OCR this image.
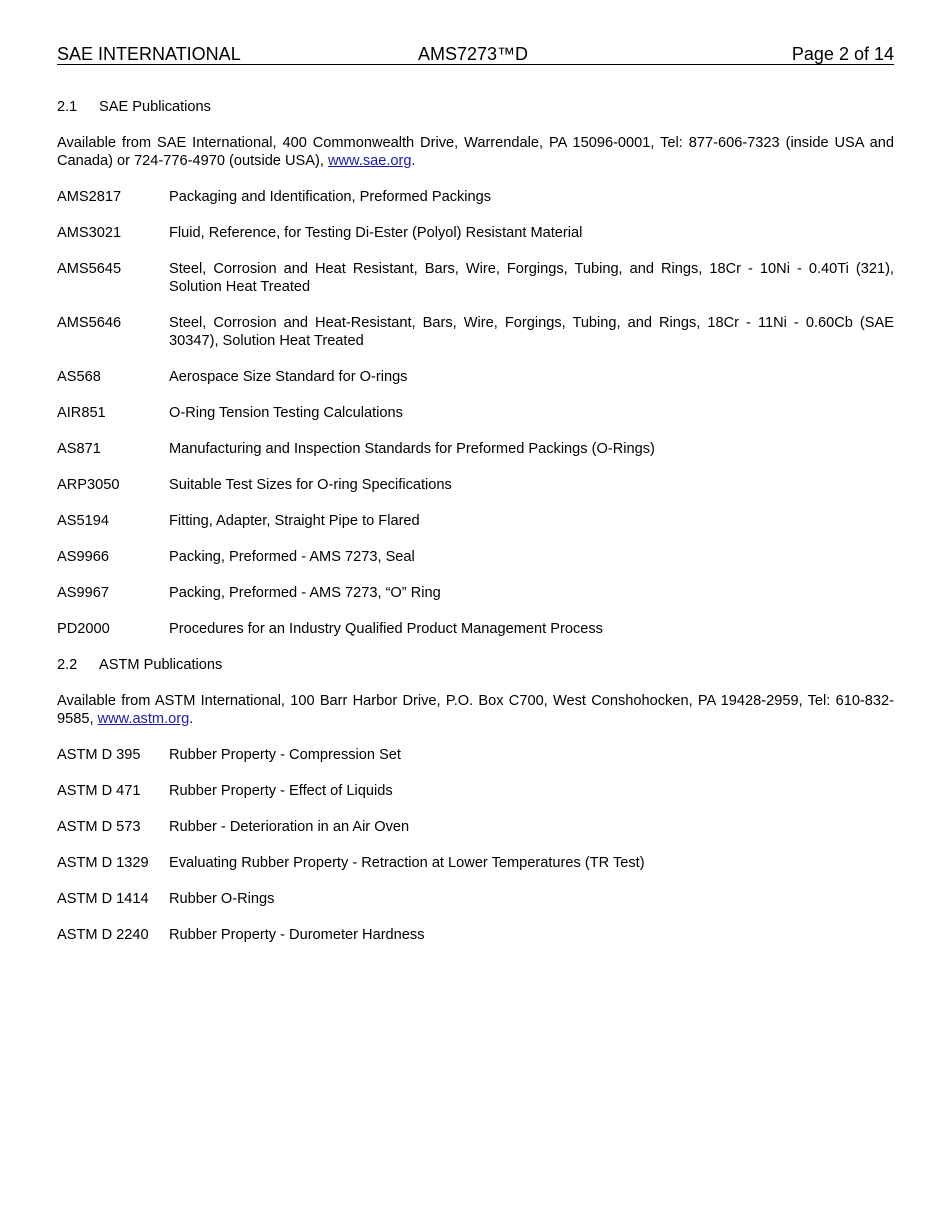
SAE INTERNATIONAL	AMS7273™D	Page 2 of 14
2.1	SAE Publications

Available from SAE International, 400 Commonwealth Drive, Warrendale, PA 15096-0001, Tel: 877-606-7323 (inside USA and Canada) or 724-776-4970 (outside USA), www.sae.org.

AMS2817	Packaging and Identification, Preformed Packings
AMS3021	Fluid, Reference, for Testing Di-Ester (Polyol) Resistant Material
AMS5645	Steel, Corrosion and Heat Resistant, Bars, Wire, Forgings, Tubing, and Rings, 18Cr - 10Ni - 0.40Ti (321), Solution Heat Treated
AMS5646	Steel, Corrosion and Heat-Resistant, Bars, Wire, Forgings, Tubing, and Rings, 18Cr - 11Ni - 0.60Cb (SAE 30347), Solution Heat Treated
AS568	Aerospace Size Standard for O-rings
AIR851	O-Ring Tension Testing Calculations
AS871	Manufacturing and Inspection Standards for Preformed Packings (O-Rings)
ARP3050	Suitable Test Sizes for O-ring Specifications
AS5194	Fitting, Adapter, Straight Pipe to Flared
AS9966	Packing, Preformed - AMS 7273, Seal
AS9967	Packing, Preformed - AMS 7273, “O” Ring
PD2000	Procedures for an Industry Qualified Product Management Process
2.2	ASTM Publications

Available from ASTM International, 100 Barr Harbor Drive, P.O. Box C700, West Conshohocken, PA 19428-2959, Tel: 610-832-9585, www.astm.org.

ASTM D 395	Rubber Property - Compression Set
ASTM D 471	Rubber Property - Effect of Liquids
ASTM D 573	Rubber - Deterioration in an Air Oven
ASTM D 1329	Evaluating Rubber Property - Retraction at Lower Temperatures (TR Test)
ASTM D 1414	Rubber O-Rings
ASTM D 2240	Rubber Property - Durometer Hardness
